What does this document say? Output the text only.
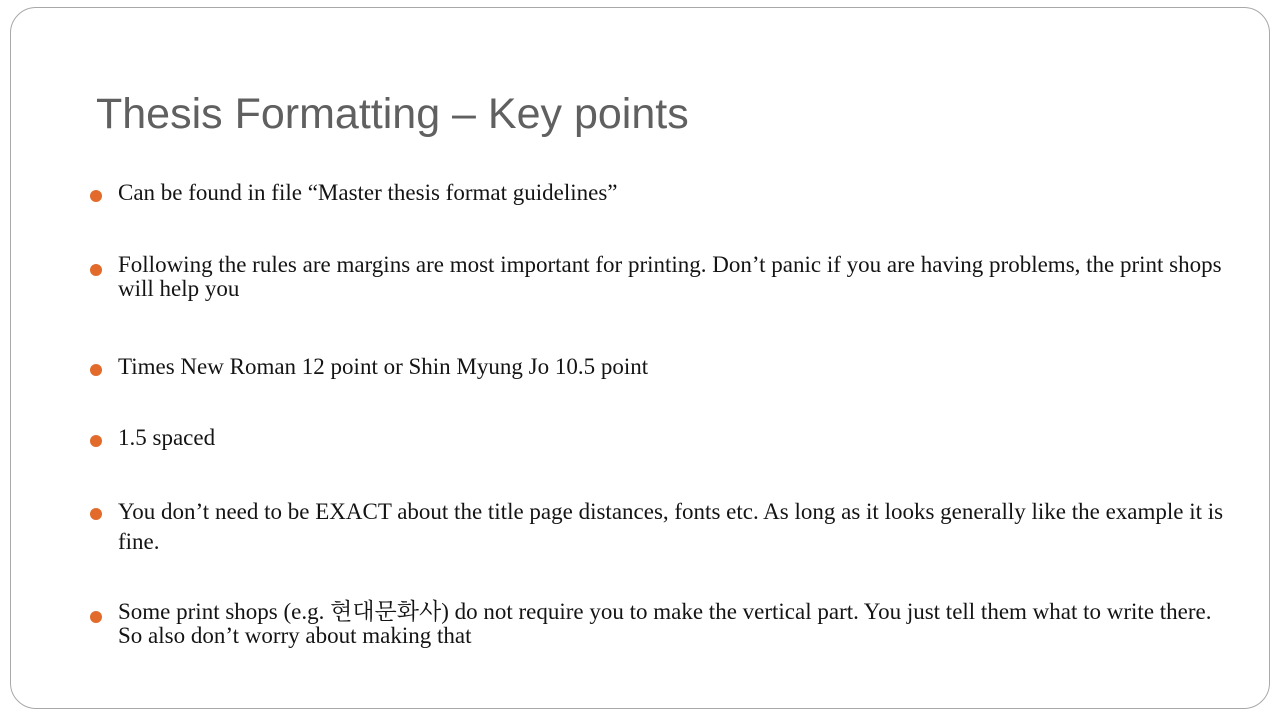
Thesis Formatting – Key points
Can be found in file “Master thesis format guidelines”
Following the rules are margins are most important for printing. Don’t panic if you are having problems, the print shops will help you
Times New Roman 12 point or Shin Myung Jo 10.5 point
1.5 spaced
You don’t need to be EXACT about the title page distances, fonts etc. As long as it looks generally like the example it is fine.
Some print shops (e.g. 현대문화사) do not require you to make the vertical part. You just tell them what to write there. So also don’t worry about making that
